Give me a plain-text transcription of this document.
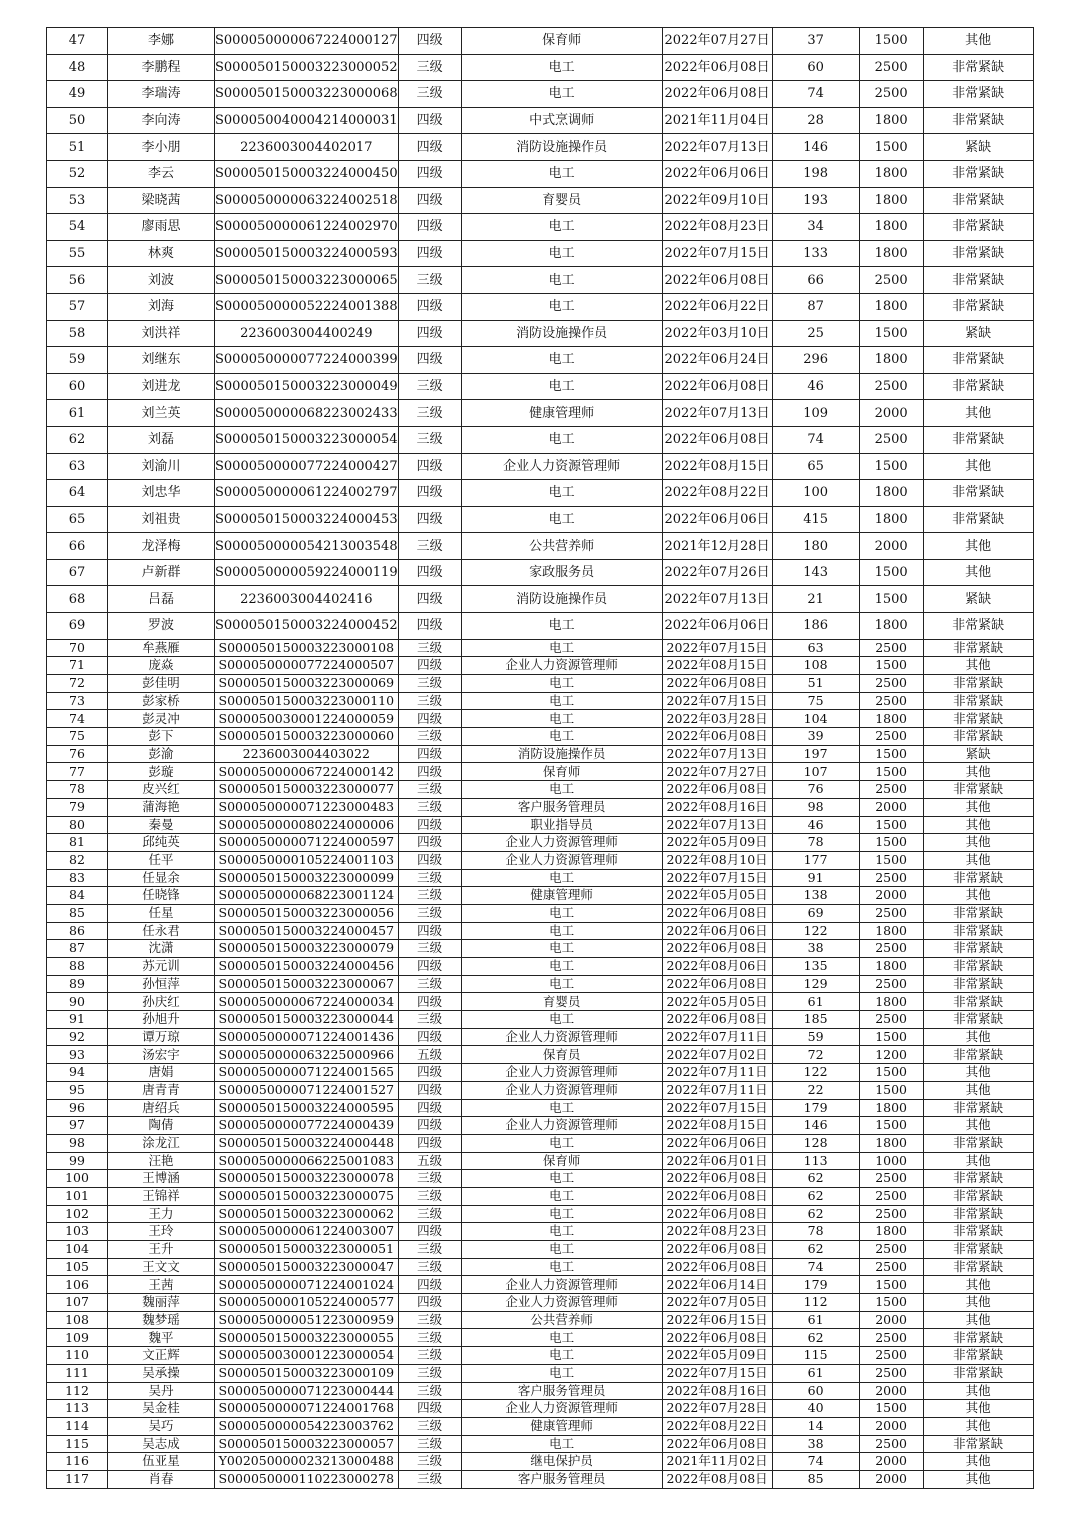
47	李娜	S000050000067224000127	四级	保育师	2022年07月27日	37	1500	其他
48	李鹏程	S000050150003223000052	三级	电工	2022年06月08日	60	2500	非常紧缺
49	李瑞涛	S000050150003223000068	三级	电工	2022年06月08日	74	2500	非常紧缺
50	李向涛	S000050040004214000031	四级	中式烹调师	2021年11月04日	28	1800	非常紧缺
51	李小朋	2236003004402017	四级	消防设施操作员	2022年07月13日	146	1500	紧缺
52	李云	S000050150003224000450	四级	电工	2022年06月06日	198	1800	非常紧缺
53	梁晓茜	S000050000063224002518	四级	育婴员	2022年09月10日	193	1800	非常紧缺
54	廖雨思	S000050000061224002970	四级	电工	2022年08月23日	34	1800	非常紧缺
55	林爽	S000050150003224000593	四级	电工	2022年07月15日	133	1800	非常紧缺
56	刘波	S000050150003223000065	三级	电工	2022年06月08日	66	2500	非常紧缺
57	刘海	S000050000052224001388	四级	电工	2022年06月22日	87	1800	非常紧缺
58	刘洪祥	2236003004400249	四级	消防设施操作员	2022年03月10日	25	1500	紧缺
59	刘继东	S000050000077224000399	四级	电工	2022年06月24日	296	1800	非常紧缺
60	刘进龙	S000050150003223000049	三级	电工	2022年06月08日	46	2500	非常紧缺
61	刘兰英	S000050000068223002433	三级	健康管理师	2022年07月13日	109	2000	其他
62	刘磊	S000050150003223000054	三级	电工	2022年06月08日	74	2500	非常紧缺
63	刘渝川	S000050000077224000427	四级	企业人力资源管理师	2022年08月15日	65	1500	其他
64	刘忠华	S000050000061224002797	四级	电工	2022年08月22日	100	1800	非常紧缺
65	刘祖贵	S000050150003224000453	四级	电工	2022年06月06日	415	1800	非常紧缺
66	龙泽梅	S000050000054213003548	三级	公共营养师	2021年12月28日	180	2000	其他
67	卢新群	S000050000059224000119	四级	家政服务员	2022年07月26日	143	1500	其他
68	吕磊	2236003004402416	四级	消防设施操作员	2022年07月13日	21	1500	紧缺
69	罗波	S000050150003224000452	四级	电工	2022年06月06日	186	1800	非常紧缺
70	牟燕雁	S000050150003223000108	三级	电工	2022年07月15日	63	2500	非常紧缺
71	庞焱	S000050000077224000507	四级	企业人力资源管理师	2022年08月15日	108	1500	其他
72	彭佳明	S000050150003223000069	三级	电工	2022年06月08日	51	2500	非常紧缺
73	彭家桥	S000050150003223000110	三级	电工	2022年07月15日	75	2500	非常紧缺
74	彭灵冲	S000050030001224000059	四级	电工	2022年03月28日	104	1800	非常紧缺
75	彭下	S000050150003223000060	三级	电工	2022年06月08日	39	2500	非常紧缺
76	彭渝	2236003004403022	四级	消防设施操作员	2022年07月13日	197	1500	紧缺
77	彭璇	S000050000067224000142	四级	保育师	2022年07月27日	107	1500	其他
78	皮兴红	S000050150003223000077	三级	电工	2022年06月08日	76	2500	非常紧缺
79	蒲海艳	S000050000071223000483	三级	客户服务管理员	2022年08月16日	98	2000	其他
80	秦曼	S000050000080224000006	四级	职业指导员	2022年07月13日	46	1500	其他
81	邱纯英	S000050000071224000597	四级	企业人力资源管理师	2022年05月09日	78	1500	其他
82	任平	S000050000105224001103	四级	企业人力资源管理师	2022年08月10日	177	1500	其他
83	任显余	S000050150003223000099	三级	电工	2022年07月15日	91	2500	非常紧缺
84	任晓锋	S000050000068223001124	三级	健康管理师	2022年05月05日	138	2000	其他
85	任星	S000050150003223000056	三级	电工	2022年06月08日	69	2500	非常紧缺
86	任永君	S000050150003224000457	四级	电工	2022年06月06日	122	1800	非常紧缺
87	沈潇	S000050150003223000079	三级	电工	2022年06月08日	38	2500	非常紧缺
88	苏元训	S000050150003224000456	四级	电工	2022年08月06日	135	1800	非常紧缺
89	孙恒萍	S000050150003223000067	三级	电工	2022年06月08日	129	2500	非常紧缺
90	孙庆红	S000050000067224000034	四级	育婴员	2022年05月05日	61	1800	非常紧缺
91	孙旭升	S000050150003223000044	三级	电工	2022年06月08日	185	2500	非常紧缺
92	谭万琼	S000050000071224001436	四级	企业人力资源管理师	2022年07月11日	59	1500	其他
93	汤宏宇	S000050000063225000966	五级	保育员	2022年07月02日	72	1200	非常紧缺
94	唐娟	S000050000071224001565	四级	企业人力资源管理师	2022年07月11日	122	1500	其他
95	唐青青	S000050000071224001527	四级	企业人力资源管理师	2022年07月11日	22	1500	其他
96	唐绍兵	S000050150003224000595	四级	电工	2022年07月15日	179	1800	非常紧缺
97	陶倩	S000050000077224000439	四级	企业人力资源管理师	2022年08月15日	146	1500	其他
98	涂龙江	S000050150003224000448	四级	电工	2022年06月06日	128	1800	非常紧缺
99	汪艳	S000050000066225001083	五级	保育师	2022年06月01日	113	1000	其他
100	王博涵	S000050150003223000078	三级	电工	2022年06月08日	62	2500	非常紧缺
101	王锦祥	S000050150003223000075	三级	电工	2022年06月08日	62	2500	非常紧缺
102	王力	S000050150003223000062	三级	电工	2022年06月08日	62	2500	非常紧缺
103	王玲	S000050000061224003007	四级	电工	2022年08月23日	78	1800	非常紧缺
104	王升	S000050150003223000051	三级	电工	2022年06月08日	62	2500	非常紧缺
105	王文文	S000050150003223000047	三级	电工	2022年06月08日	74	2500	非常紧缺
106	王茜	S000050000071224001024	四级	企业人力资源管理师	2022年06月14日	179	1500	其他
107	魏丽萍	S000050000105224000577	四级	企业人力资源管理师	2022年07月05日	112	1500	其他
108	魏梦瑶	S000050000051223000959	三级	公共营养师	2022年06月15日	61	2000	其他
109	魏平	S000050150003223000055	三级	电工	2022年06月08日	62	2500	非常紧缺
110	文正辉	S000050030001223000054	三级	电工	2022年05月09日	115	2500	非常紧缺
111	吴承操	S000050150003223000109	三级	电工	2022年07月15日	61	2500	非常紧缺
112	吴丹	S000050000071223000444	三级	客户服务管理员	2022年08月16日	60	2000	其他
113	吴金桂	S000050000071224001768	四级	企业人力资源管理师	2022年07月28日	40	1500	其他
114	吴巧	S000050000054223003762	三级	健康管理师	2022年08月22日	14	2000	其他
115	吴志成	S000050150003223000057	三级	电工	2022年06月08日	38	2500	非常紧缺
116	伍亚星	Y002050000023213000488	三级	继电保护员	2021年11月02日	74	2000	其他
117	肖春	S000050000110223000278	三级	客户服务管理员	2022年08月08日	85	2000	其他
